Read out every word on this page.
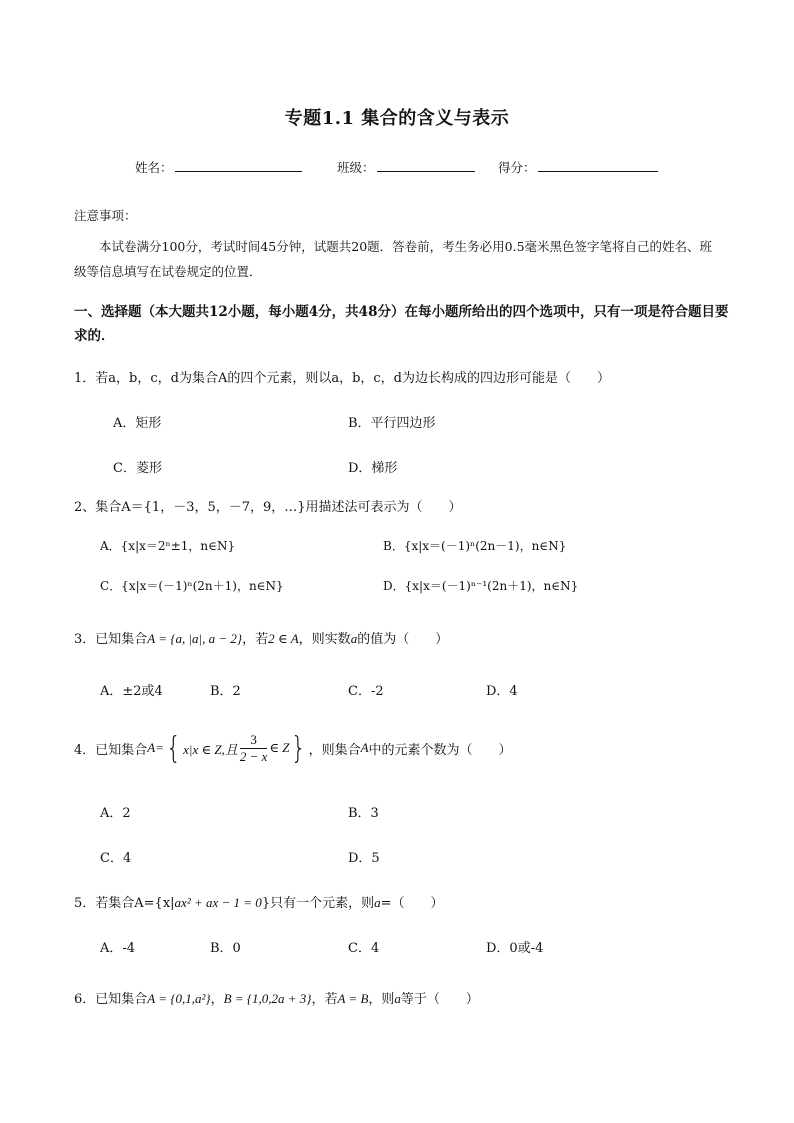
专题1.1 集合的含义与表示
姓名：	班级：	得分：
注意事项：
本试卷满分100分，考试时间45分钟，试题共20题．答卷前，考生务必用0.5毫米黑色签字笔将自己的姓名、班级等信息填写在试卷规定的位置．
一、选择题（本大题共12小题，每小题4分，共48分）在每小题所给出的四个选项中，只有一项是符合题目要求的．
1．若a，b，c，d为集合A的四个元素，则以a，b，c，d为边长构成的四边形可能是（　　）
A．矩形	B．平行四边形
C．菱形	D．梯形
2、集合A＝{1，－3，5，－7，9，…}用描述法可表示为（　　）
A．{x|x＝2ⁿ±1，n∈N}	B．{x|x＝(－1)ⁿ(2n－1)，n∈N}
C．{x|x＝(－1)ⁿ(2n＋1)，n∈N}	D．{x|x＝(－1)ⁿ⁻¹(2n＋1)，n∈N}
3．已知集合A = {a, |a|, a − 2}，若2 ∈ A，则实数a的值为（　　）
A．±2或4	B．2	C．-2	D．4
4．已知集合 A= { x|x ∈ Z,且 $\frac{3}{2 - x}$ ∈ Z } ，则集合 A 中的元素个数为（　　）
A．2	B．3
C．4	D．5
5．若集合A={x|ax² + ax − 1 = 0}只有一个元素，则a=（　　）
A．-4	B．0	C．4	D．0或-4
6．已知集合A = {0,1,a²}，B = {1,0,2a + 3}，若A = B，则a等于（　　）
